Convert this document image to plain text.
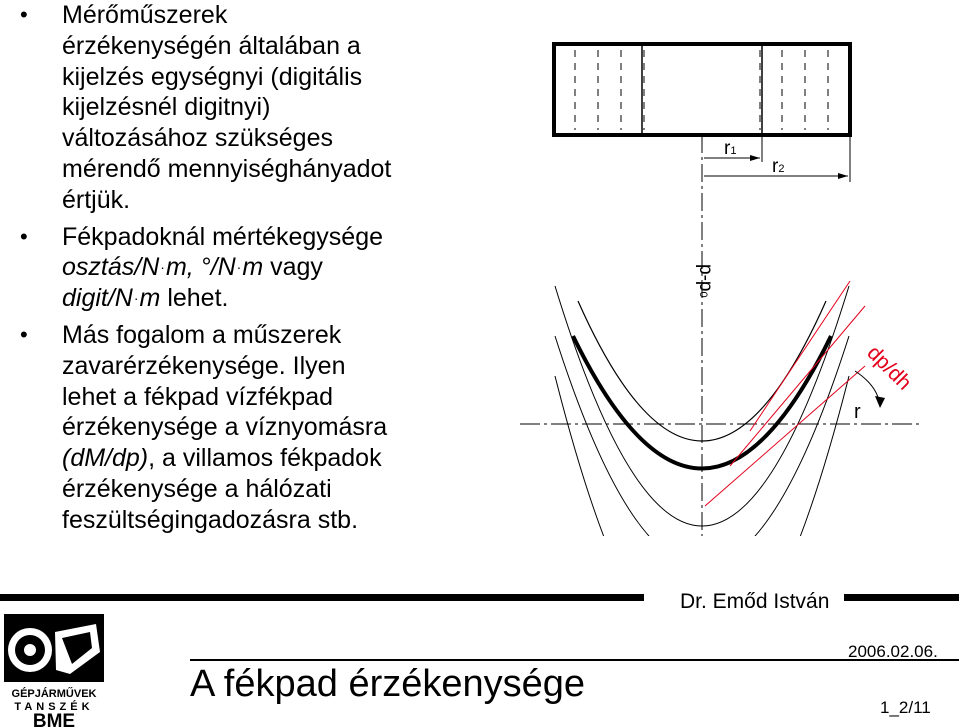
• Mérőműszerek
érzékenységén általában a
kijelzés egységnyi (digitális
kijelzésnél digitnyi)
változásához szükséges
mérendő mennyiséghányadot
értjük.
• Fékpadoknál mértékegysége
osztás/N·m, °/N·m vagy
digit/N·m lehet.
• Más fogalom a műszerek
zavarérzékenysége. Ilyen
lehet a fékpad vízfékpad
érzékenysége a víznyomásra
(dM/dp), a villamos fékpadok
érzékenysége a hálózati
feszültségingadozásra stb.
r1
r2
p-p0
r
dp/dh
Dr. Emőd István
2006.02.06.
A fékpad érzékenysége
1_2/11
GÉPJÁRMŰVEK
TANSZÉK
BME
